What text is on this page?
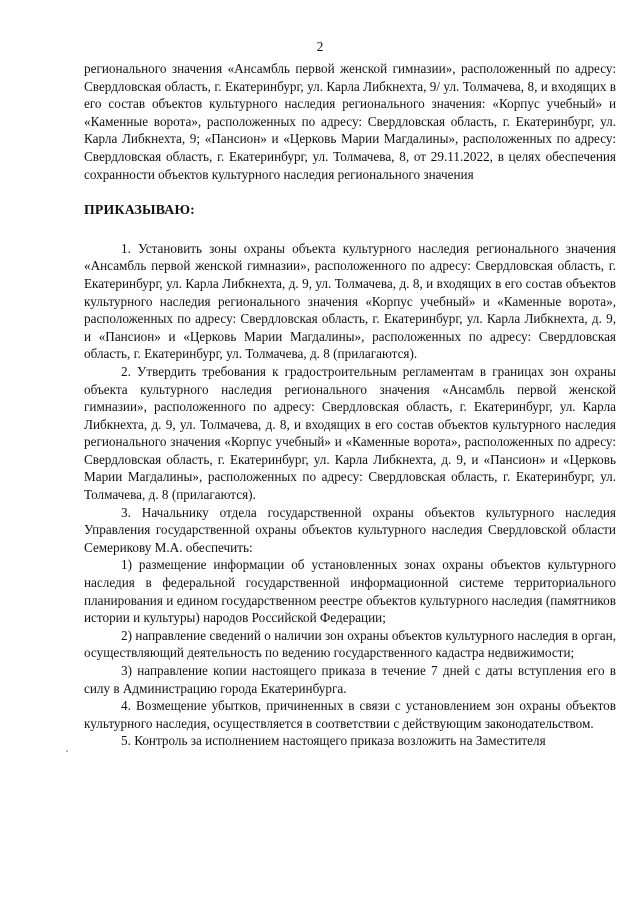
2

регионального значения «Ансамбль первой женской гимназии», расположенный по адресу: Свердловская область, г. Екатеринбург, ул. Карла Либкнехта, 9/ ул. Толмачева, 8, и входящих в его состав объектов культурного наследия регионального значения: «Корпус учебный» и «Каменные ворота», расположенных по адресу: Свердловская область, г. Екатеринбург, ул. Карла Либкнехта, 9; «Пансион» и «Церковь Марии Магдалины», расположенных по адресу: Свердловская область, г. Екатеринбург, ул. Толмачева, 8, от 29.11.2022, в целях обеспечения сохранности объектов культурного наследия регионального значения

ПРИКАЗЫВАЮ:

1. Установить зоны охраны объекта культурного наследия регионального значения «Ансамбль первой женской гимназии», расположенного по адресу: Свердловская область, г. Екатеринбург, ул. Карла Либкнехта, д. 9, ул. Толмачева, д. 8, и входящих в его состав объектов культурного наследия регионального значения «Корпус учебный» и «Каменные ворота», расположенных по адресу: Свердловская область, г. Екатеринбург, ул. Карла Либкнехта, д. 9, и «Пансион» и «Церковь Марии Магдалины», расположенных по адресу: Свердловская область, г. Екатеринбург, ул. Толмачева, д. 8 (прилагаются).

2. Утвердить требования к градостроительным регламентам в границах зон охраны объекта культурного наследия регионального значения «Ансамбль первой женской гимназии», расположенного по адресу: Свердловская область, г. Екатеринбург, ул. Карла Либкнехта, д. 9, ул. Толмачева, д. 8, и входящих в его состав объектов культурного наследия регионального значения «Корпус учебный» и «Каменные ворота», расположенных по адресу: Свердловская область, г. Екатеринбург, ул. Карла Либкнехта, д. 9, и «Пансион» и «Церковь Марии Магдалины», расположенных по адресу: Свердловская область, г. Екатеринбург, ул. Толмачева, д. 8 (прилагаются).

3. Начальнику отдела государственной охраны объектов культурного наследия Управления государственной охраны объектов культурного наследия Свердловской области Семерикову М.А. обеспечить:

1) размещение информации об установленных зонах охраны объектов культурного наследия в федеральной государственной информационной системе территориального планирования и едином государственном реестре объектов культурного наследия (памятников истории и культуры) народов Российской Федерации;

2) направление сведений о наличии зон охраны объектов культурного наследия в орган, осуществляющий деятельность по ведению государственного кадастра недвижимости;

3) направление копии настоящего приказа в течение 7 дней с даты вступления его в силу в Администрацию города Екатеринбурга.

4. Возмещение убытков, причиненных в связи с установлением зон охраны объектов культурного наследия, осуществляется в соответствии с действующим законодательством.

5. Контроль за исполнением настоящего приказа возложить на Заместителя
